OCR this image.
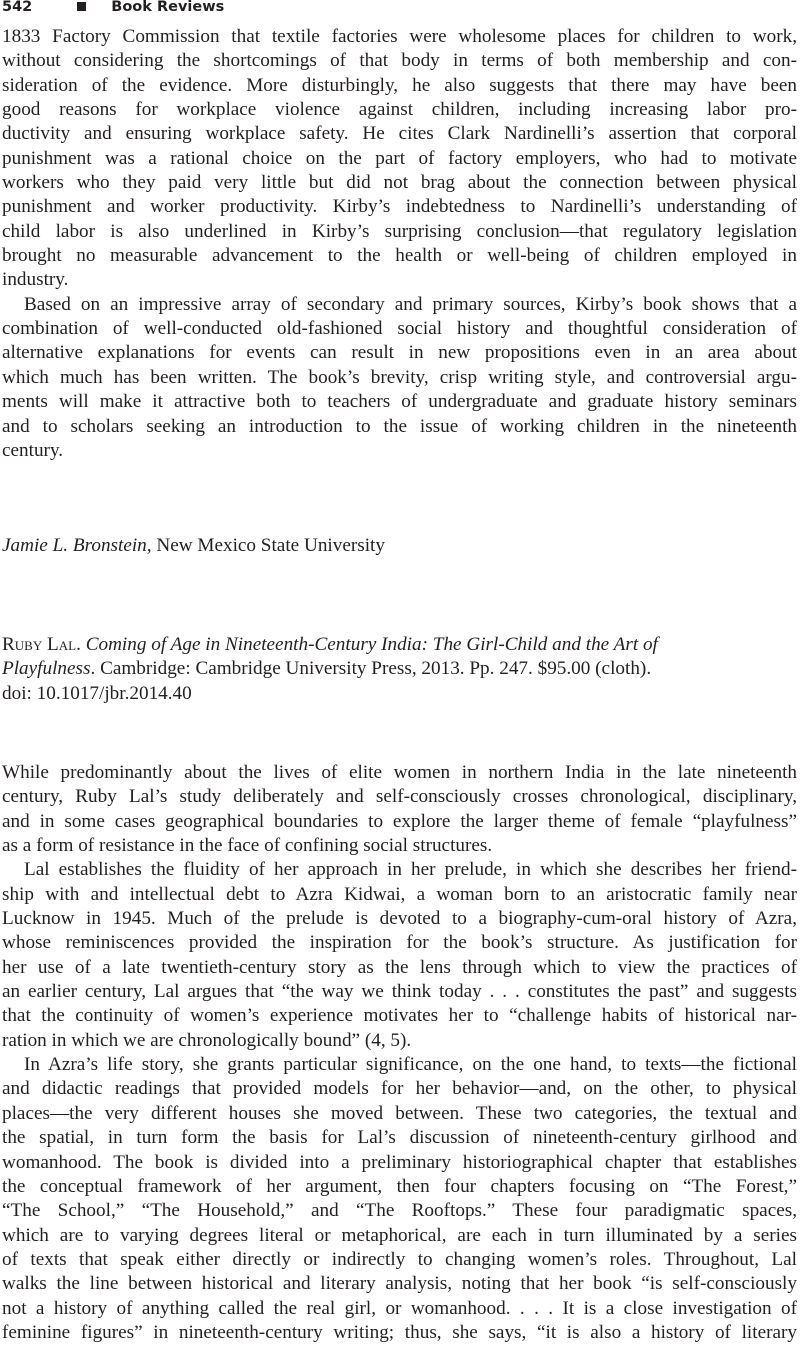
542	Book Reviews
1833 Factory Commission that textile factories were wholesome places for children to work,
without considering the shortcomings of that body in terms of both membership and con-
sideration of the evidence. More disturbingly, he also suggests that there may have been
good reasons for workplace violence against children, including increasing labor pro-
ductivity and ensuring workplace safety. He cites Clark Nardinelli’s assertion that corporal
punishment was a rational choice on the part of factory employers, who had to motivate
workers who they paid very little but did not brag about the connection between physical
punishment and worker productivity. Kirby’s indebtedness to Nardinelli’s understanding of
child labor is also underlined in Kirby’s surprising conclusion—that regulatory legislation
brought no measurable advancement to the health or well-being of children employed in
industry.
Based on an impressive array of secondary and primary sources, Kirby’s book shows that a
combination of well-conducted old-fashioned social history and thoughtful consideration of
alternative explanations for events can result in new propositions even in an area about
which much has been written. The book’s brevity, crisp writing style, and controversial argu-
ments will make it attractive both to teachers of undergraduate and graduate history seminars
and to scholars seeking an introduction to the issue of working children in the nineteenth
century.
Jamie L. Bronstein, New Mexico State University
Ruby Lal. Coming of Age in Nineteenth-Century India: The Girl-Child and the Art of
Playfulness. Cambridge: Cambridge University Press, 2013. Pp. 247. $95.00 (cloth).
doi: 10.1017/jbr.2014.40
While predominantly about the lives of elite women in northern India in the late nineteenth
century, Ruby Lal’s study deliberately and self-consciously crosses chronological, disciplinary,
and in some cases geographical boundaries to explore the larger theme of female “playfulness”
as a form of resistance in the face of confining social structures.
Lal establishes the fluidity of her approach in her prelude, in which she describes her friend-
ship with and intellectual debt to Azra Kidwai, a woman born to an aristocratic family near
Lucknow in 1945. Much of the prelude is devoted to a biography-cum-oral history of Azra,
whose reminiscences provided the inspiration for the book’s structure. As justification for
her use of a late twentieth-century story as the lens through which to view the practices of
an earlier century, Lal argues that “the way we think today . . . constitutes the past” and suggests
that the continuity of women’s experience motivates her to “challenge habits of historical nar-
ration in which we are chronologically bound” (4, 5).
In Azra’s life story, she grants particular significance, on the one hand, to texts—the fictional
and didactic readings that provided models for her behavior—and, on the other, to physical
places—the very different houses she moved between. These two categories, the textual and
the spatial, in turn form the basis for Lal’s discussion of nineteenth-century girlhood and
womanhood. The book is divided into a preliminary historiographical chapter that establishes
the conceptual framework of her argument, then four chapters focusing on “The Forest,”
“The School,” “The Household,” and “The Rooftops.” These four paradigmatic spaces,
which are to varying degrees literal or metaphorical, are each in turn illuminated by a series
of texts that speak either directly or indirectly to changing women’s roles. Throughout, Lal
walks the line between historical and literary analysis, noting that her book “is self-consciously
not a history of anything called the real girl, or womanhood. . . . It is a close investigation of
feminine figures” in nineteenth-century writing; thus, she says, “it is also a history of literary
